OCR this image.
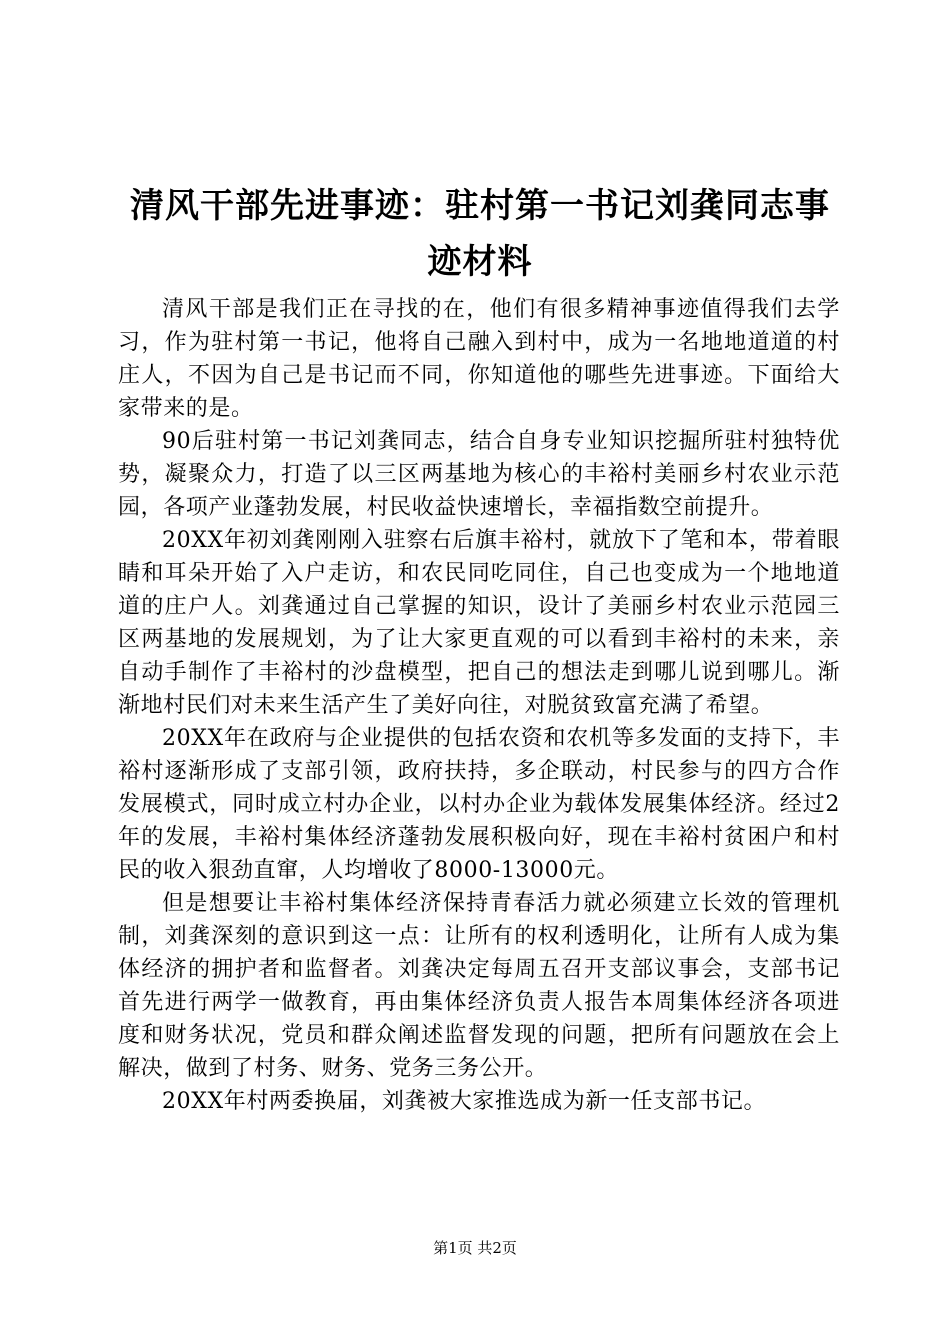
清风干部先进事迹：驻村第一书记刘龚同志事迹材料

清风干部是我们正在寻找的在，他们有很多精神事迹值得我们去学习，作为驻村第一书记，他将自己融入到村中，成为一名地地道道的村庄人，不因为自己是书记而不同，你知道他的哪些先进事迹。下面给大家带来的是。

90后驻村第一书记刘龚同志，结合自身专业知识挖掘所驻村独特优势，凝聚众力，打造了以三区两基地为核心的丰裕村美丽乡村农业示范园，各项产业蓬勃发展，村民收益快速增长，幸福指数空前提升。

20XX年初刘龚刚刚入驻察右后旗丰裕村，就放下了笔和本，带着眼睛和耳朵开始了入户走访，和农民同吃同住，自己也变成为一个地地道道的庄户人。刘龚通过自己掌握的知识，设计了美丽乡村农业示范园三区两基地的发展规划，为了让大家更直观的可以看到丰裕村的未来，亲自动手制作了丰裕村的沙盘模型，把自己的想法走到哪儿说到哪儿。渐渐地村民们对未来生活产生了美好向往，对脱贫致富充满了希望。

20XX年在政府与企业提供的包括农资和农机等多发面的支持下，丰裕村逐渐形成了支部引领，政府扶持，多企联动，村民参与的四方合作发展模式，同时成立村办企业，以村办企业为载体发展集体经济。经过2年的发展，丰裕村集体经济蓬勃发展积极向好，现在丰裕村贫困户和村民的收入狠劲直窜，人均增收了8000-13000元。

但是想要让丰裕村集体经济保持青春活力就必须建立长效的管理机制，刘龚深刻的意识到这一点：让所有的权利透明化，让所有人成为集体经济的拥护者和监督者。刘龚决定每周五召开支部议事会，支部书记首先进行两学一做教育，再由集体经济负责人报告本周集体经济各项进度和财务状况，党员和群众阐述监督发现的问题，把所有问题放在会上解决，做到了村务、财务、党务三务公开。

20XX年村两委换届，刘龚被大家推选成为新一任支部书记。

第1页 共2页
